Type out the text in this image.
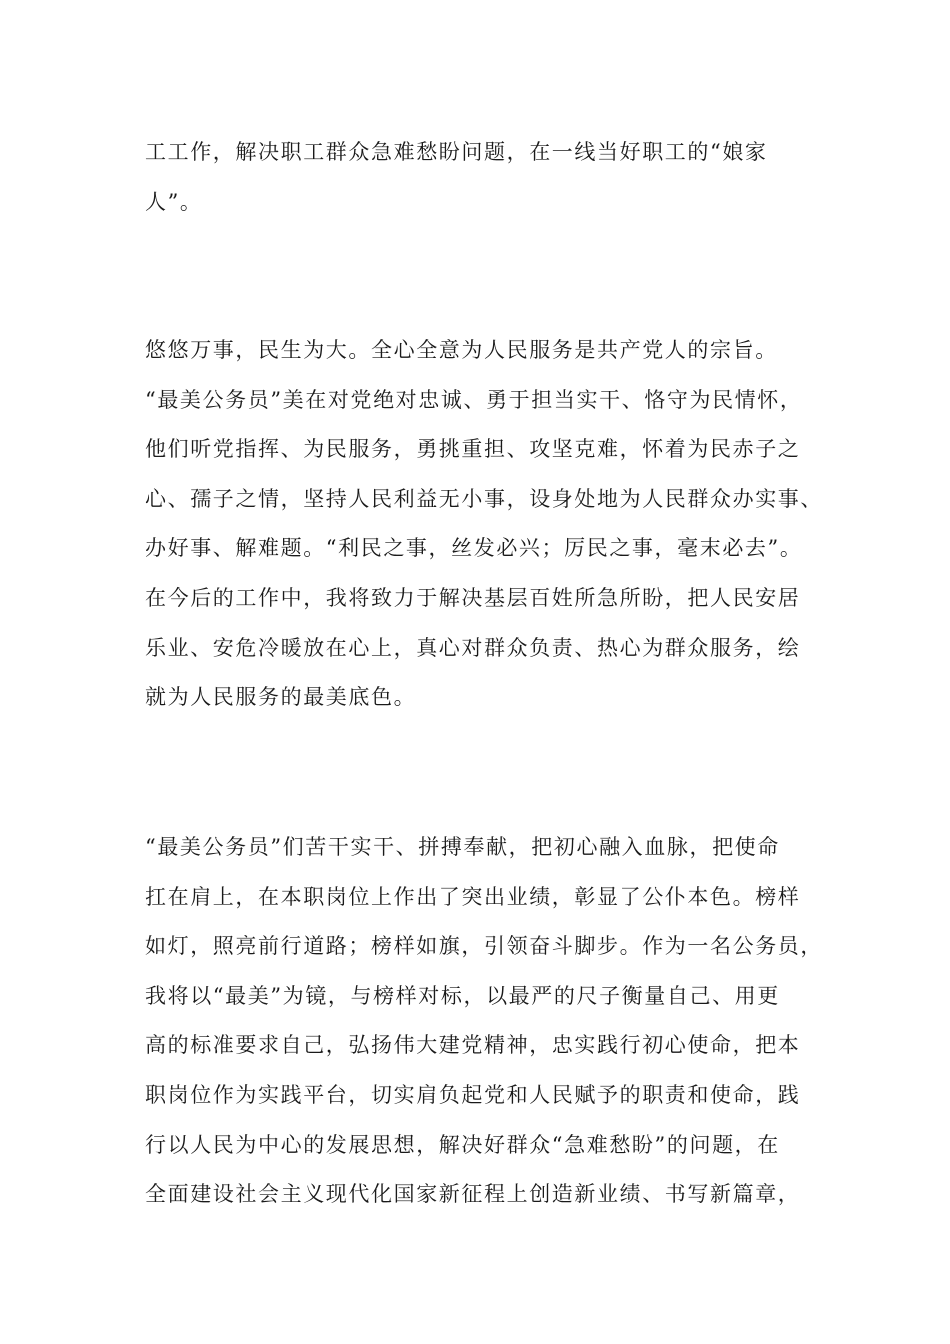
工工作，解决职工群众急难愁盼问题，在一线当好职工的“娘家
人”。
悠悠万事，民生为大。全心全意为人民服务是共产党人的宗旨。
“最美公务员”美在对党绝对忠诚、勇于担当实干、恪守为民情怀，
他们听党指挥、为民服务，勇挑重担、攻坚克难，怀着为民赤子之
心、孺子之情，坚持人民利益无小事，设身处地为人民群众办实事、
办好事、解难题。“利民之事，丝发必兴；厉民之事，毫末必去”。
在今后的工作中，我将致力于解决基层百姓所急所盼，把人民安居
乐业、安危冷暖放在心上，真心对群众负责、热心为群众服务，绘
就为人民服务的最美底色。
“最美公务员”们苦干实干、拼搏奉献，把初心融入血脉，把使命
扛在肩上，在本职岗位上作出了突出业绩，彰显了公仆本色。榜样
如灯，照亮前行道路；榜样如旗，引领奋斗脚步。作为一名公务员，
我将以“最美”为镜，与榜样对标，以最严的尺子衡量自己、用更
高的标准要求自己，弘扬伟大建党精神，忠实践行初心使命，把本
职岗位作为实践平台，切实肩负起党和人民赋予的职责和使命，践
行以人民为中心的发展思想，解决好群众“急难愁盼”的问题，在
全面建设社会主义现代化国家新征程上创造新业绩、书写新篇章，
